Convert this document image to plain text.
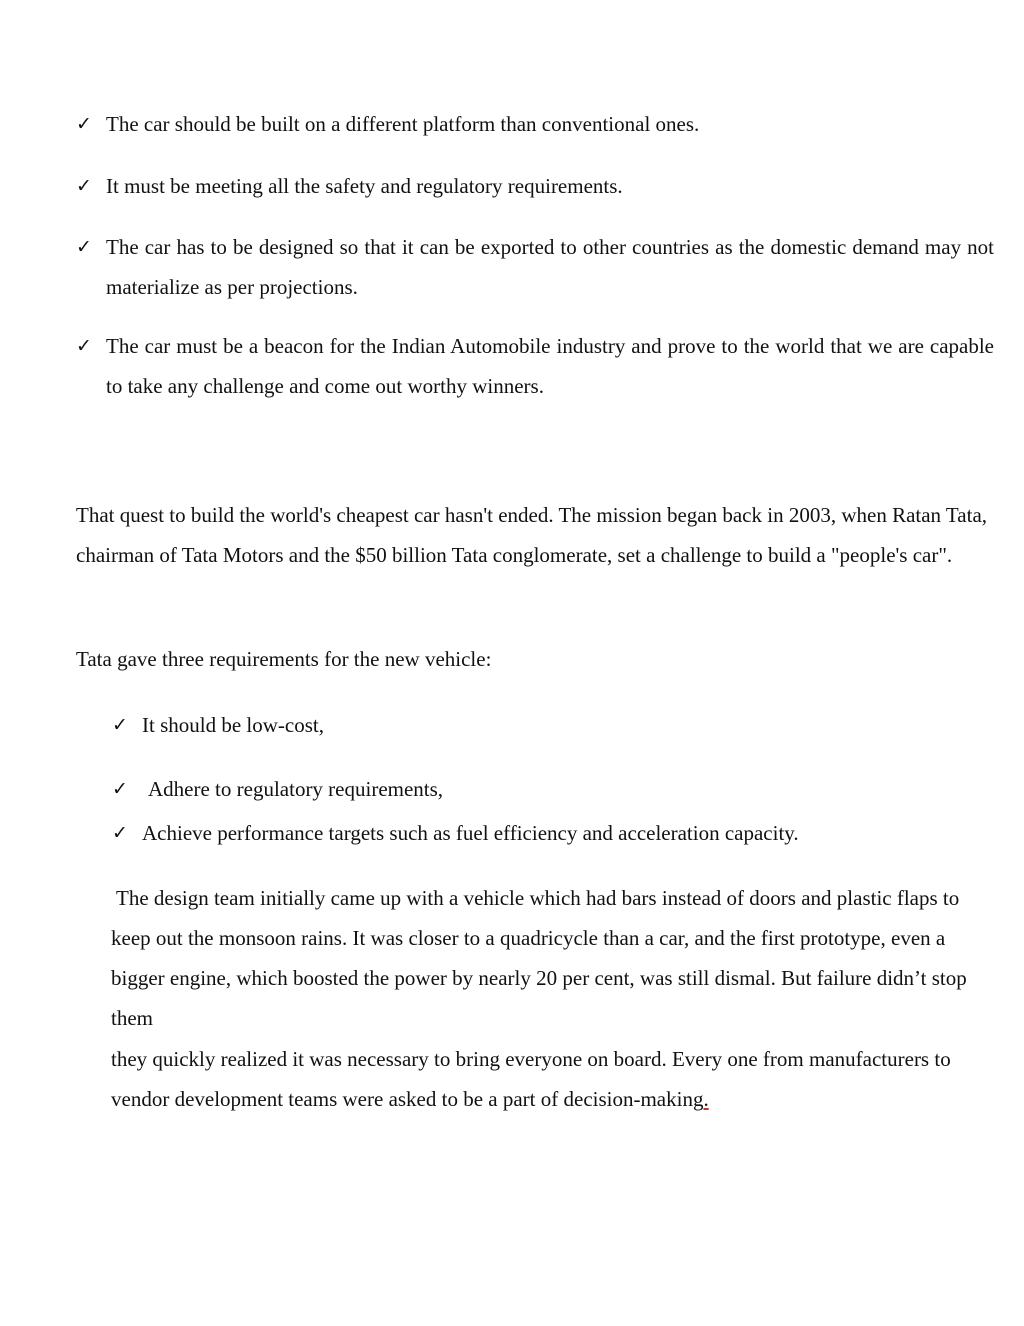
✓ The car should be built on a different platform than conventional ones.
✓ It must be meeting all the safety and regulatory requirements.
✓ The car has to be designed so that it can be exported to other countries as the domestic demand may not materialize as per projections.
✓ The car must be a beacon for the Indian Automobile industry and prove to the world that we are capable to take any challenge and come out worthy winners.

That quest to build the world's cheapest car hasn't ended. The mission began back in 2003, when Ratan Tata, chairman of Tata Motors and the $50 billion Tata conglomerate, set a challenge to build a "people's car".

Tata gave three requirements for the new vehicle:

✓ It should be low-cost,
✓ Adhere to regulatory requirements,
✓ Achieve performance targets such as fuel efficiency and acceleration capacity.

The design team initially came up with a vehicle which had bars instead of doors and plastic flaps to keep out the monsoon rains. It was closer to a quadricycle than a car, and the first prototype, even a bigger engine, which boosted the power by nearly 20 per cent, was still dismal. But failure didn’t stop them

they quickly realized it was necessary to bring everyone on board. Every one from manufacturers to vendor development teams were asked to be a part of decision-making.
